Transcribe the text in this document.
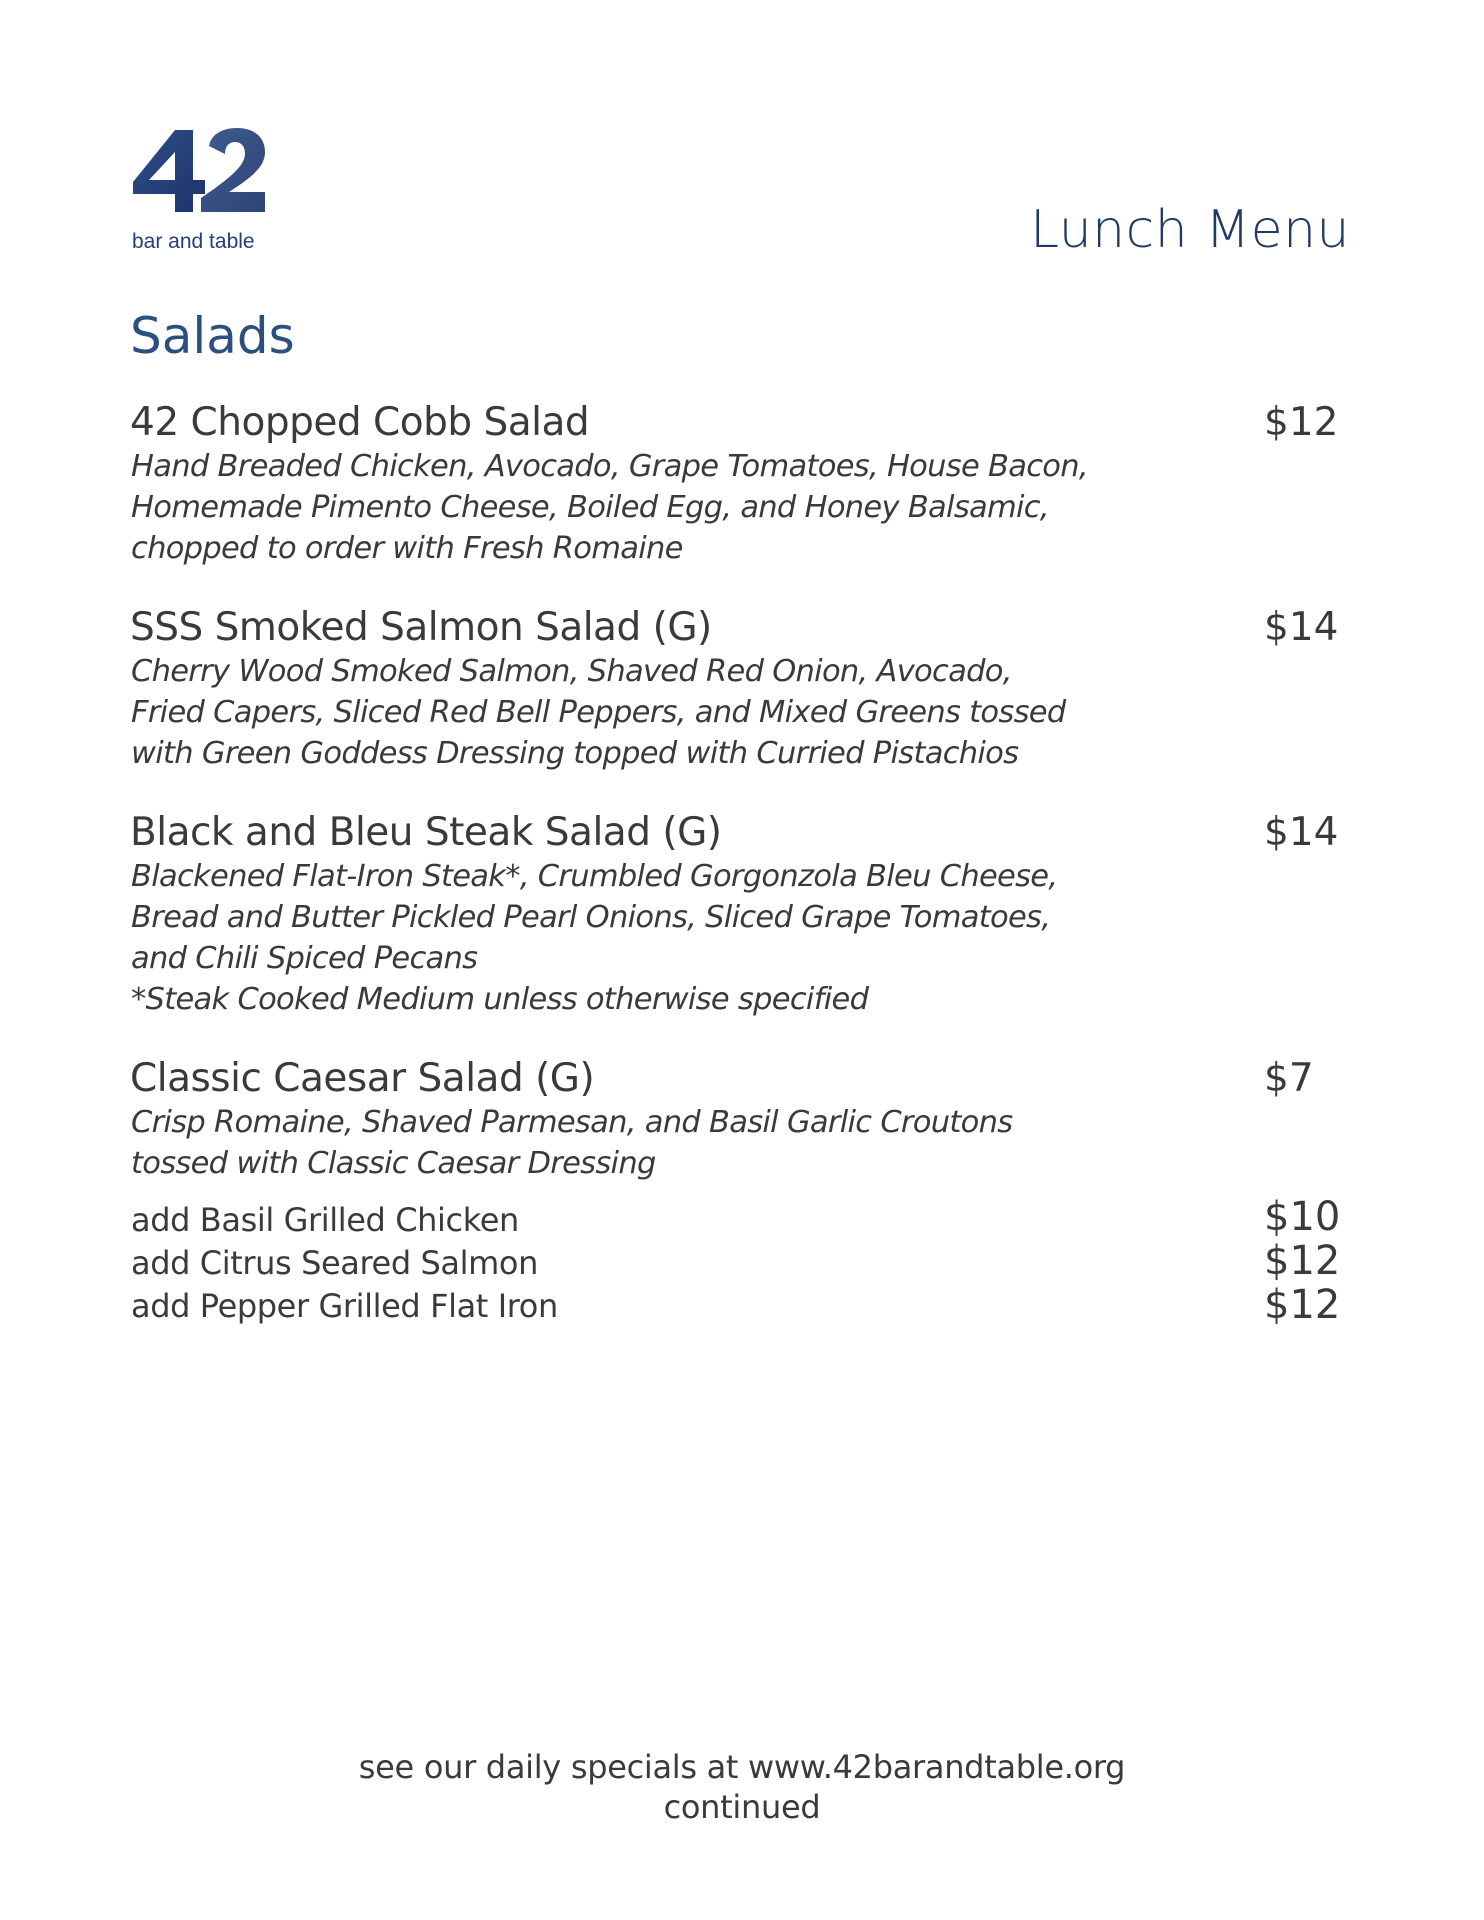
bar and table	Lunch Menu
Salads
42 Chopped Cobb Salad	$12
Hand Breaded Chicken, Avocado, Grape Tomatoes, House Bacon,
Homemade Pimento Cheese, Boiled Egg, and Honey Balsamic,
chopped to order with Fresh Romaine
SSS Smoked Salmon Salad (G)	$14
Cherry Wood Smoked Salmon, Shaved Red Onion, Avocado,
Fried Capers, Sliced Red Bell Peppers, and Mixed Greens tossed
with Green Goddess Dressing topped with Curried Pistachios
Black and Bleu Steak Salad (G)	$14
Blackened Flat-Iron Steak*, Crumbled Gorgonzola Bleu Cheese,
Bread and Butter Pickled Pearl Onions, Sliced Grape Tomatoes,
and Chili Spiced Pecans
*Steak Cooked Medium unless otherwise specified
Classic Caesar Salad (G)	$7
Crisp Romaine, Shaved Parmesan, and Basil Garlic Croutons
tossed with Classic Caesar Dressing
add Basil Grilled Chicken	$10
add Citrus Seared Salmon	$12
add Pepper Grilled Flat Iron	$12
see our daily specials at www.42barandtable.org
continued
